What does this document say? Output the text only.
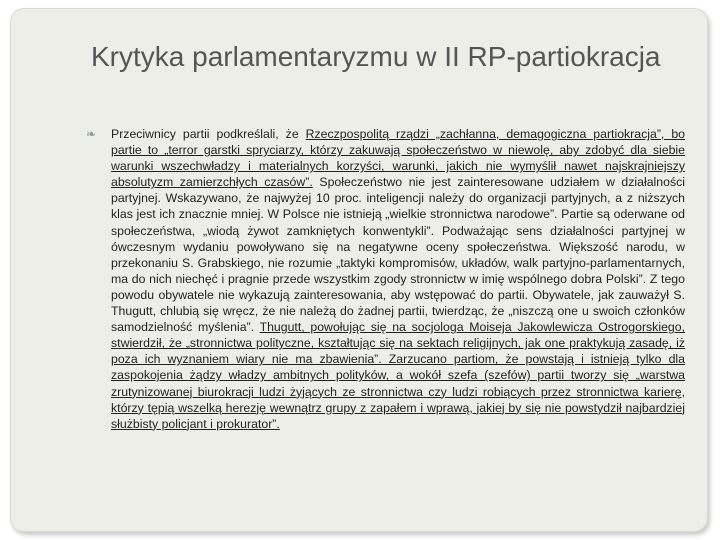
Krytyka parlamentaryzmu w II RP-partiokracja
❧ Przeciwnicy partii podkreślali, że Rzeczpospolitą rządzi „zachłanna, demagogiczna partiokracja”, bo partie to „terror garstki spryciarzy, którzy zakuwają społeczeństwo w niewolę, aby zdobyć dla siebie warunki wszechwładzy i materialnych korzyści, warunki, jakich nie wymyślił nawet najskrajniejszy absolutyzm zamierzchłych czasów”. Społeczeństwo nie jest zainteresowane udziałem w działalności partyjnej. Wskazywano, że najwyżej 10 proc. inteligencji należy do organizacji partyjnych, a z niższych klas jest ich znacznie mniej. W Polsce nie istnieją „wielkie stronnictwa narodowe”. Partie są oderwane od społeczeństwa, „wiodą żywot zamkniętych konwentykli”. Podważając sens działalności partyjnej w ówczesnym wydaniu powoływano się na negatywne oceny społeczeństwa. Większość narodu, w przekonaniu S. Grabskiego, nie rozumie „taktyki kompromisów, układów, walk partyjno-parlamentarnych, ma do nich niechęć i pragnie przede wszystkim zgody stronnictw w imię wspólnego dobra Polski”. Z tego powodu obywatele nie wykazują zainteresowania, aby wstępować do partii. Obywatele, jak zauważył S. Thugutt, chlubią się wręcz, że nie należą do żadnej partii, twierdząc, że „niszczą one u swoich członków samodzielność myślenia”. Thugutt, powołując się na socjologa Moiseja Jakowlewicza Ostrogorskiego, stwierdził, że „stronnictwa polityczne, kształtując się na sektach religijnych, jak one praktykują zasadę, iż poza ich wyznaniem wiary nie ma zbawienia”. Zarzucano partiom, że powstają i istnieją tylko dla zaspokojenia żądzy władzy ambitnych polityków, a wokół szefa (szefów) partii tworzy się „warstwa zrutynizowanej biurokracji ludzi żyjących ze stronnictwa czy ludzi robiących przez stronnictwa karierę, którzy tępią wszelką herezję wewnątrz grupy z zapałem i wprawą, jakiej by się nie powstydził najbardziej służbisty policjant i prokurator”.
